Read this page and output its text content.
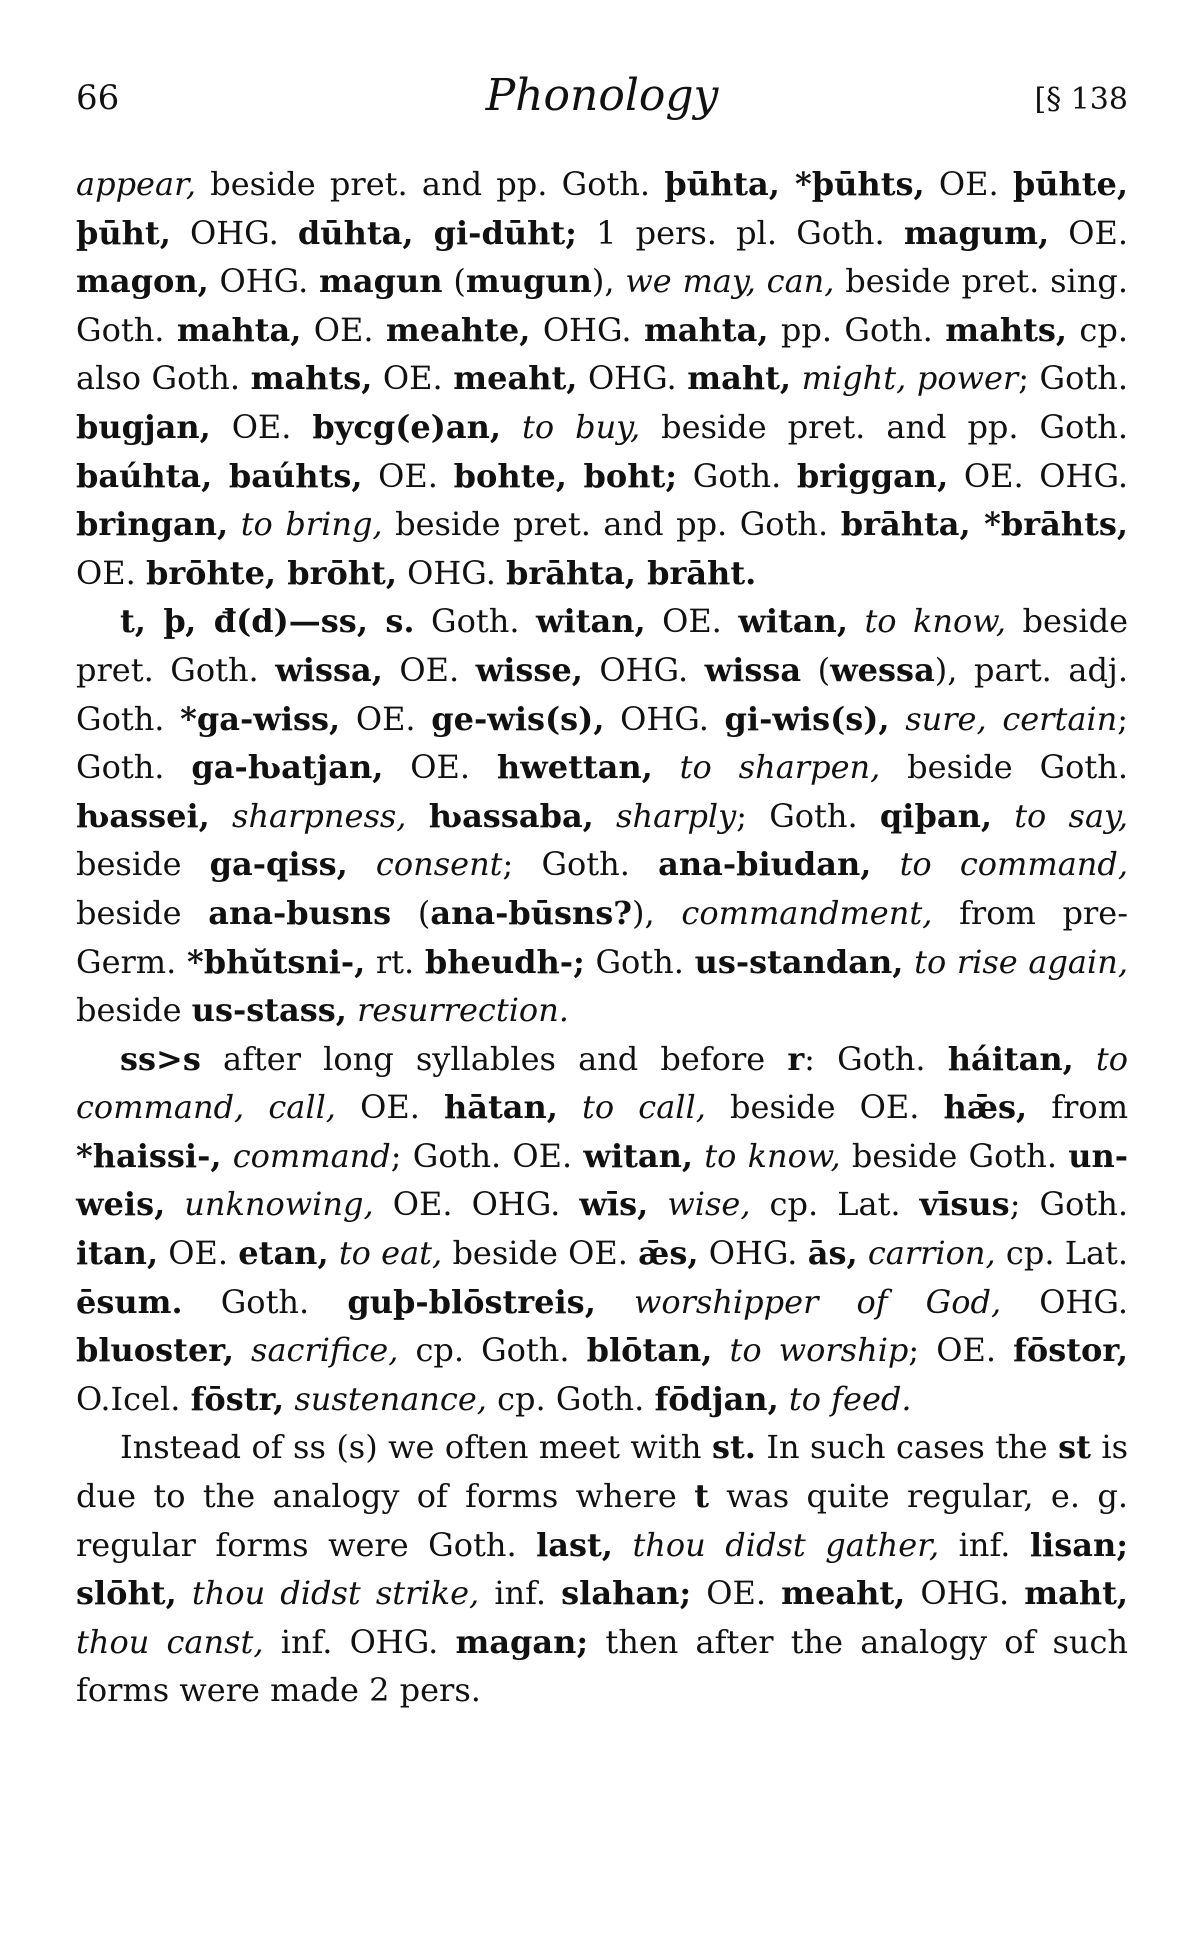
66	Phonology	[§ 138

appear, beside pret. and pp. Goth. þūhta, *þūhts, OE. þūhte, þūht, OHG. dūhta, gi-dūht; 1 pers. pl. Goth. magum, OE. magon, OHG. magun (mugun), we may, can, beside pret. sing. Goth. mahta, OE. meahte, OHG. mahta, pp. Goth. mahts, cp. also Goth. mahts, OE. meaht, OHG. maht, might, power; Goth. bugjan, OE. bycg(e)an, to buy, beside pret. and pp. Goth. baúhta, baúhts, OE. bohte, boht; Goth. briggan, OE. OHG. bringan, to bring, beside pret. and pp. Goth. brāhta, *brāhts, OE. brōhte, brōht, OHG. brāhta, brāht.

t, þ, đ(d)—ss, s. Goth. witan, OE. witan, to know, beside pret. Goth. wissa, OE. wisse, OHG. wissa (wessa), part. adj. Goth. *ga-wiss, OE. ge-wis(s), OHG. gi-wis(s), sure, certain; Goth. ga-ƕatjan, OE. hwettan, to sharpen, beside Goth. ƕassei, sharpness, ƕassaba, sharply; Goth. qiþan, to say, beside ga-qiss, consent; Goth. ana-biudan, to command, beside ana-busns (ana-būsns?), commandment, from pre-Germ. *bhŭtsni-, rt. bheudh-; Goth. us-standan, to rise again, beside us-stass, resurrection.

ss>s after long syllables and before r: Goth. háitan, to command, call, OE. hātan, to call, beside OE. hǣs, from *haissi-, command; Goth. OE. witan, to know, beside Goth. un-weis, unknowing, OE. OHG. wīs, wise, cp. Lat. vīsus; Goth. itan, OE. etan, to eat, beside OE. ǣs, OHG. ās, carrion, cp. Lat. ēsum. Goth. guþ-blōstreis, worshipper of God, OHG. bluoster, sacrifice, cp. Goth. blōtan, to worship; OE. fōstor, O.Icel. fōstr, sustenance, cp. Goth. fōdjan, to feed.

Instead of ss (s) we often meet with st. In such cases the st is due to the analogy of forms where t was quite regular, e. g. regular forms were Goth. last, thou didst gather, inf. lisan; slōht, thou didst strike, inf. slahan; OE. meaht, OHG. maht, thou canst, inf. OHG. magan; then after the analogy of such forms were made 2 pers.
